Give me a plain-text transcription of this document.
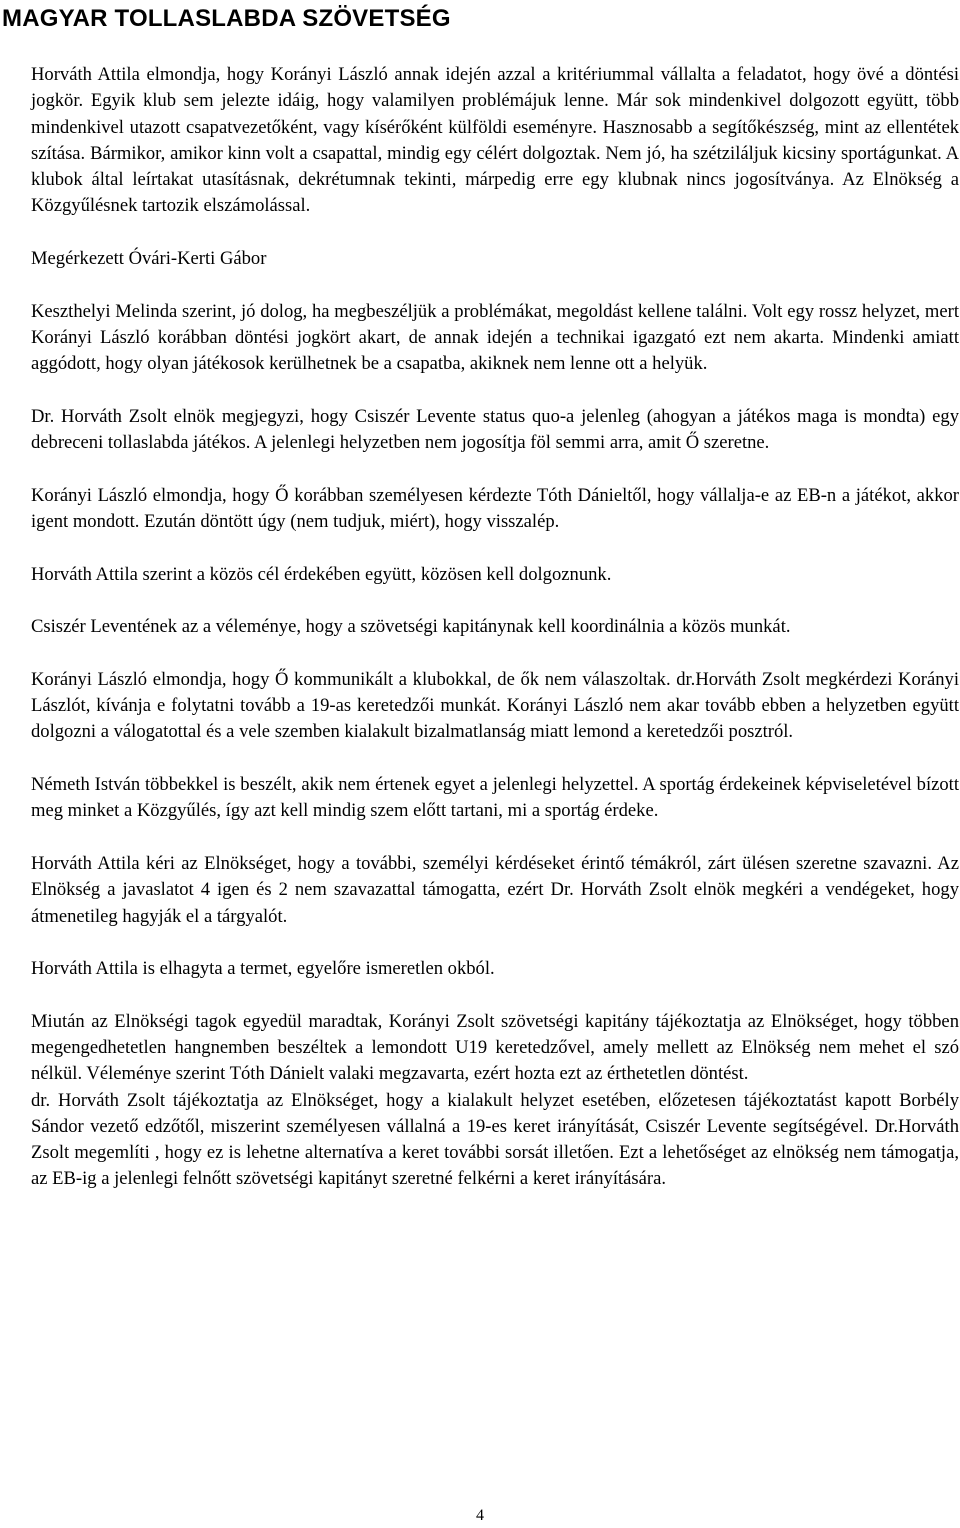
MAGYAR TOLLASLABDA SZÖVETSÉG

Horváth Attila elmondja, hogy Korányi László annak idején azzal a kritériummal vállalta a feladatot, hogy övé a döntési jogkör. Egyik klub sem jelezte idáig, hogy valamilyen problémájuk lenne. Már sok mindenkivel dolgozott együtt, több mindenkivel utazott csapatvezetőként, vagy kísérőként külföldi eseményre. Hasznosabb a segítőkészség, mint az ellentétek szítása. Bármikor, amikor kinn volt a csapattal, mindig egy célért dolgoztak. Nem jó, ha szétziláljuk kicsiny sportágunkat. A klubok által leírtakat utasításnak, dekrétumnak tekinti, márpedig erre egy klubnak nincs jogosítványa. Az Elnökség a Közgyűlésnek tartozik elszámolással.

Megérkezett Óvári-Kerti Gábor

Keszthelyi Melinda szerint, jó dolog, ha megbeszéljük a problémákat, megoldást kellene találni. Volt egy rossz helyzet, mert Korányi László korábban döntési jogkört akart, de annak idején a technikai igazgató ezt nem akarta. Mindenki amiatt aggódott, hogy olyan játékosok kerülhetnek be a csapatba, akiknek nem lenne ott a helyük.

Dr. Horváth Zsolt elnök megjegyzi, hogy Csiszér Levente status quo-a jelenleg (ahogyan a játékos maga is mondta) egy debreceni tollaslabda játékos. A jelenlegi helyzetben nem jogosítja föl semmi arra, amit Ő szeretne.

Korányi László elmondja, hogy Ő korábban személyesen kérdezte Tóth Dánieltől, hogy vállalja-e az EB-n a játékot, akkor igent mondott. Ezután döntött úgy (nem tudjuk, miért), hogy visszalép.

Horváth Attila szerint a közös cél érdekében együtt, közösen kell dolgoznunk.

Csiszér Leventének az a véleménye, hogy a szövetségi kapitánynak kell koordinálnia a közös munkát.

Korányi László elmondja, hogy Ő kommunikált a klubokkal, de ők nem válaszoltak. dr.Horváth Zsolt megkérdezi Korányi Lászlót, kívánja e folytatni tovább a 19-as keretedzői munkát. Korányi László nem akar tovább ebben a helyzetben együtt dolgozni a válogatottal és a vele szemben kialakult bizalmatlanság miatt lemond a keretedzői posztról.

Németh István többekkel is beszélt, akik nem értenek egyet a jelenlegi helyzettel. A sportág érdekeinek képviseletével bízott meg minket a Közgyűlés, így azt kell mindig szem előtt tartani, mi a sportág érdeke.

Horváth Attila kéri az Elnökséget, hogy a további, személyi kérdéseket érintő témákról, zárt ülésen szeretne szavazni. Az Elnökség a javaslatot 4 igen és 2 nem szavazattal támogatta, ezért Dr. Horváth Zsolt elnök megkéri a vendégeket, hogy átmenetileg hagyják el a tárgyalót.

Horváth Attila is elhagyta a termet, egyelőre ismeretlen okból.

Miután az Elnökségi tagok egyedül maradtak, Korányi Zsolt szövetségi kapitány tájékoztatja az Elnökséget, hogy többen megengedhetetlen hangnemben beszéltek a lemondott U19 keretedzővel, amely mellett az Elnökség nem mehet el szó nélkül. Véleménye szerint Tóth Dánielt valaki megzavarta, ezért hozta ezt az érthetetlen döntést.

dr. Horváth Zsolt tájékoztatja az Elnökséget, hogy a kialakult helyzet esetében, előzetesen tájékoztatást kapott Borbély Sándor vezető edzőtől, miszerint személyesen vállalná a 19-es keret irányítását, Csiszér Levente segítségével. Dr.Horváth Zsolt megemlíti , hogy ez is lehetne alternatíva a keret további sorsát illetően. Ezt a lehetőséget az elnökség nem támogatja, az EB-ig a jelenlegi felnőtt szövetségi kapitányt szeretné felkérni a keret irányítására.

4
